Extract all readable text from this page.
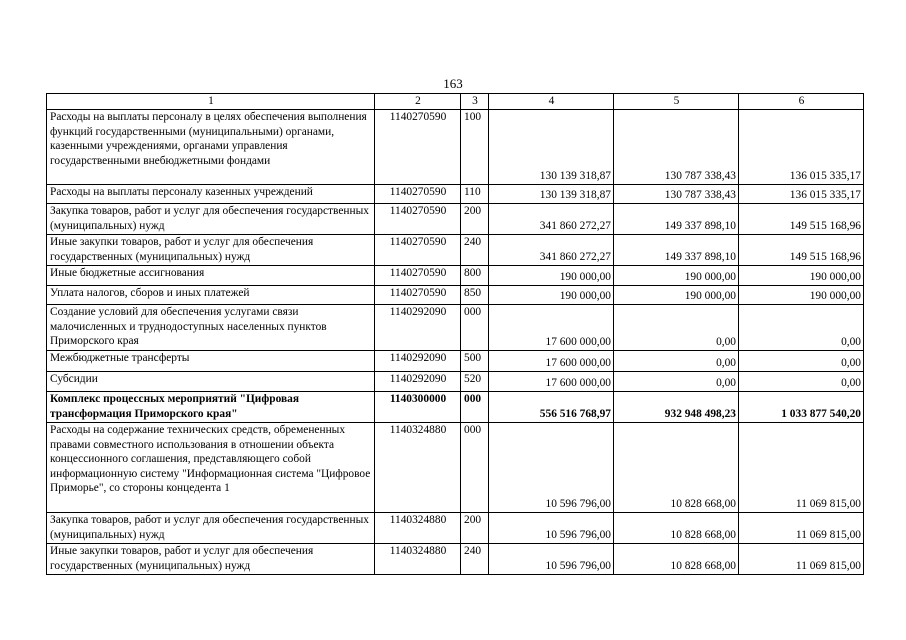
163
1	2	3	4	5	6
Расходы на выплаты персоналу в целях обеспечения выполнения функций государственными (муниципальными) органами, казенными учреждениями, органами управления государственными внебюджетными фондами	1140270590	100	130 139 318,87	130 787 338,43	136 015 335,17
Расходы на выплаты персоналу казенных учреждений	1140270590	110	130 139 318,87	130 787 338,43	136 015 335,17
Закупка товаров, работ и услуг для обеспечения государственных (муниципальных) нужд	1140270590	200	341 860 272,27	149 337 898,10	149 515 168,96
Иные закупки товаров, работ и услуг для обеспечения государственных (муниципальных) нужд	1140270590	240	341 860 272,27	149 337 898,10	149 515 168,96
Иные бюджетные ассигнования	1140270590	800	190 000,00	190 000,00	190 000,00
Уплата налогов, сборов и иных платежей	1140270590	850	190 000,00	190 000,00	190 000,00
Создание условий для обеспечения услугами связи малочисленных и труднодоступных населенных пунктов Приморского края	1140292090	000	17 600 000,00	0,00	0,00
Межбюджетные трансферты	1140292090	500	17 600 000,00	0,00	0,00
Субсидии	1140292090	520	17 600 000,00	0,00	0,00
Комплекс процессных мероприятий "Цифровая трансформация Приморского края"	1140300000	000	556 516 768,97	932 948 498,23	1 033 877 540,20
Расходы на содержание технических средств, обремененных правами совместного использования в отношении объекта концессионного соглашения, представляющего собой информационную систему "Информационная система "Цифровое Приморье", со стороны концедента 1	1140324880	000	10 596 796,00	10 828 668,00	11 069 815,00
Закупка товаров, работ и услуг для обеспечения государственных (муниципальных) нужд	1140324880	200	10 596 796,00	10 828 668,00	11 069 815,00
Иные закупки товаров, работ и услуг для обеспечения государственных (муниципальных) нужд	1140324880	240	10 596 796,00	10 828 668,00	11 069 815,00
